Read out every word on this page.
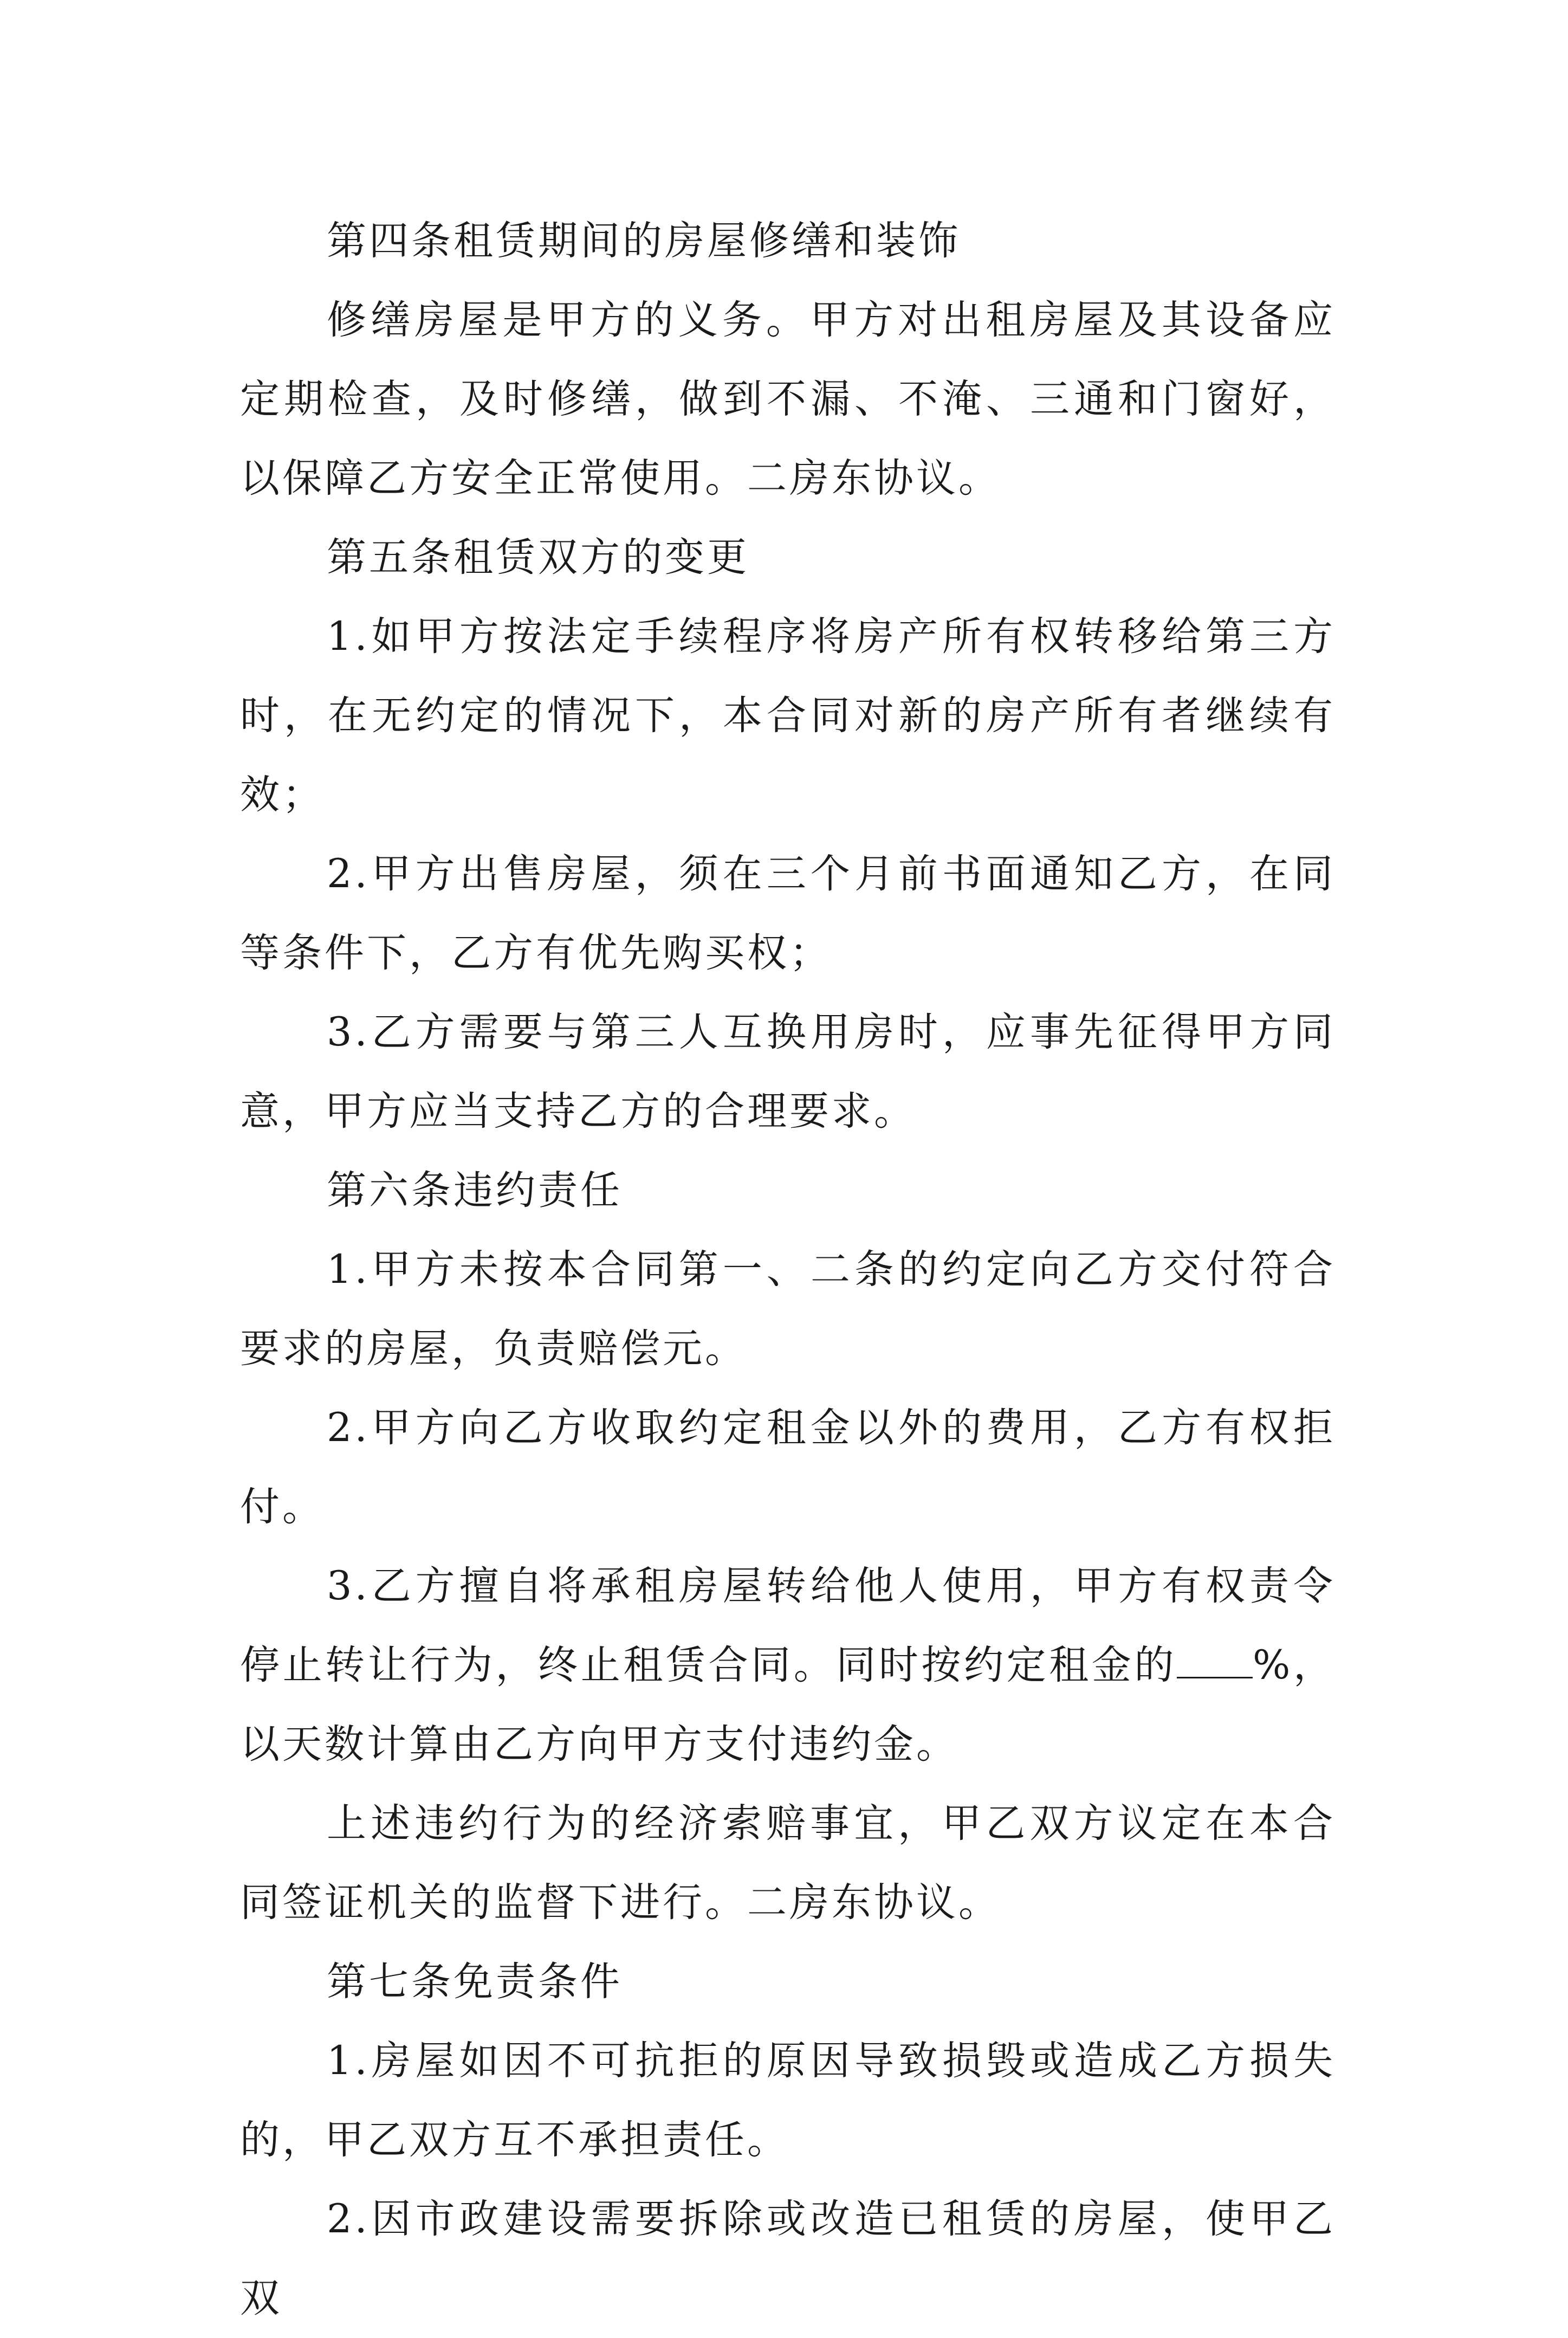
第四条租赁期间的房屋修缮和装饰

修缮房屋是甲方的义务。甲方对出租房屋及其设备应定期检查，及时修缮，做到不漏、不淹、三通和门窗好，以保障乙方安全正常使用。二房东协议。

第五条租赁双方的变更

1.如甲方按法定手续程序将房产所有权转移给第三方时，在无约定的情况下，本合同对新的房产所有者继续有效；

2.甲方出售房屋，须在三个月前书面通知乙方，在同等条件下，乙方有优先购买权；

3.乙方需要与第三人互换用房时，应事先征得甲方同意，甲方应当支持乙方的合理要求。

第六条违约责任

1.甲方未按本合同第一、二条的约定向乙方交付符合要求的房屋，负责赔偿元。

2.甲方向乙方收取约定租金以外的费用，乙方有权拒付。

3.乙方擅自将承租房屋转给他人使用，甲方有权责令停止转让行为，终止租赁合同。同时按约定租金的 %，以天数计算由乙方向甲方支付违约金。

上述违约行为的经济索赔事宜，甲乙双方议定在本合同签证机关的监督下进行。二房东协议。

第七条免责条件

1.房屋如因不可抗拒的原因导致损毁或造成乙方损失的，甲乙双方互不承担责任。

2.因市政建设需要拆除或改造已租赁的房屋，使甲乙双
